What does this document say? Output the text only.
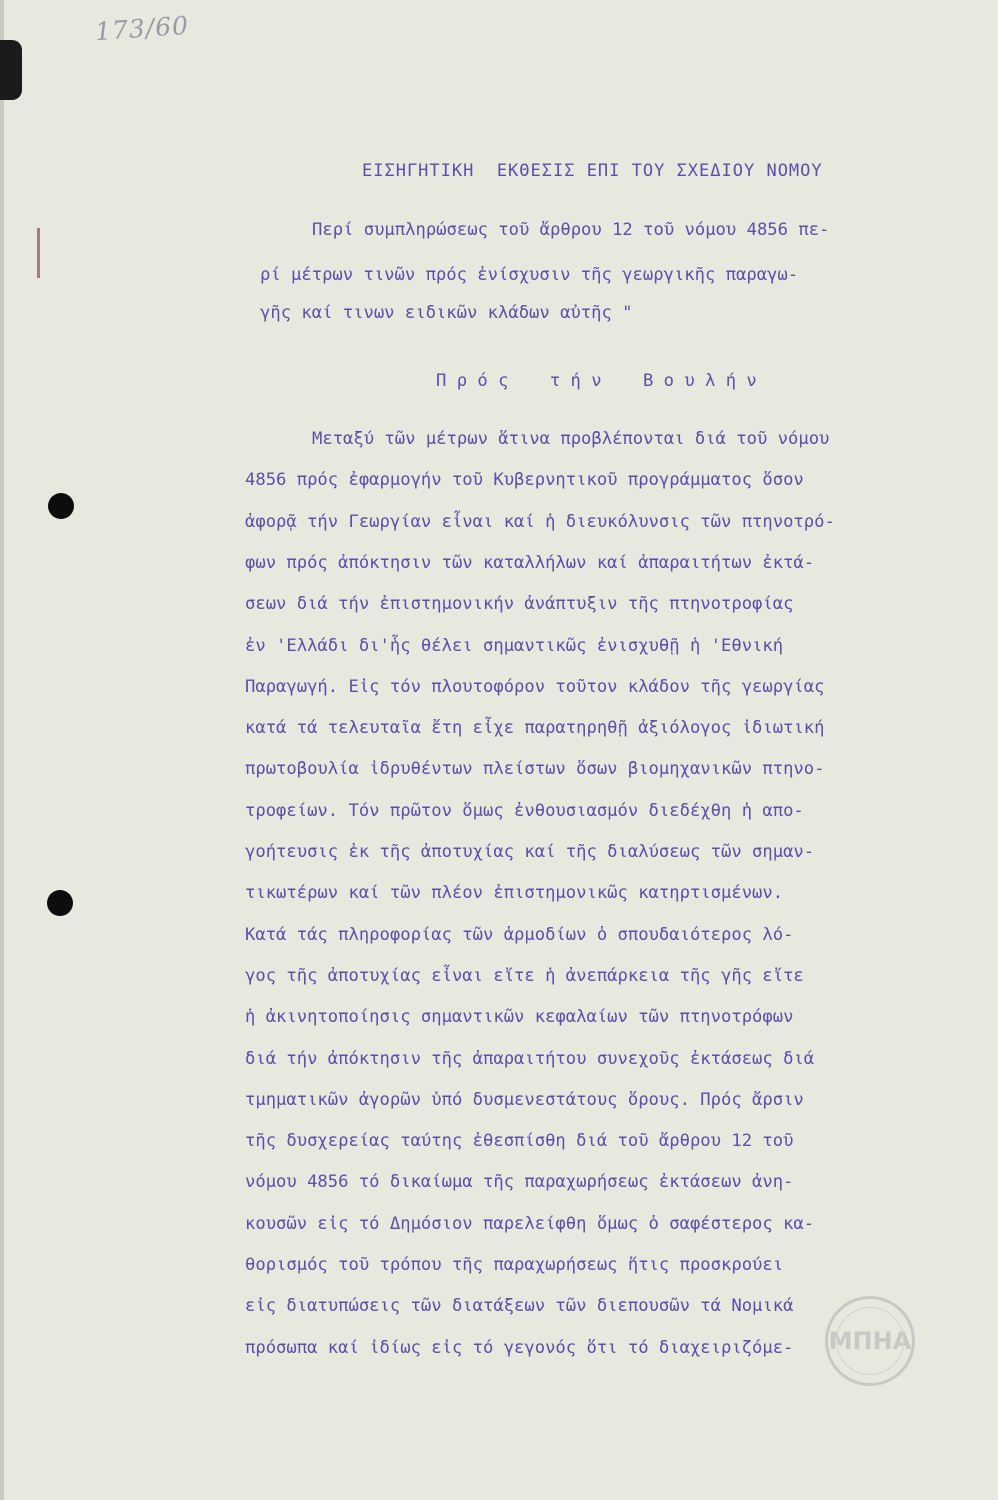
173/60
ΕΙΣΗΓΗΤΙΚΗ  ΕΚΘΕΣΙΣ ΕΠΙ ΤΟΥ ΣΧΕΔΙΟΥ ΝΟΜΟΥ
Περί συμπληρώσεως τοῦ ἄρθρου 12 τοῦ νόμου 4856 πε-
ρί μέτρων τινῶν πρός ἐνίσχυσιν τῆς γεωργικῆς παραγω-
γῆς καί τινων ειδικῶν κλάδων αὐτῆς "
Π ρ ό ς    τ ή ν    Β ο υ λ ή ν
Μεταξύ τῶν μέτρων ἅτινα προβλέπονται διά τοῦ νόμου
4856 πρός ἐφαρμογήν τοῦ Κυβερνητικοῦ προγράμματος ὅσον
ἀφορᾷ τήν Γεωργίαν εἶναι καί ἡ διευκόλυνσις τῶν πτηνοτρό-
φων πρός ἀπόκτησιν τῶν καταλλήλων καί ἀπαραιτήτων ἐκτά-
σεων διά τήν ἐπιστημονικήν ἀνάπτυξιν τῆς πτηνοτροφίας
ἐν 'Ελλάδι δι'ἧς θέλει σημαντικῶς ἐνισχυθῇ ἡ 'Εθνική
Παραγωγή. Εἰς τόν πλουτοφόρον τοῦτον κλάδον τῆς γεωργίας
κατά τά τελευταῖα ἔτη εἶχε παρατηρηθῇ ἀξιόλογος ἰδιωτική
πρωτοβουλία ἱδρυθέντων πλείστων ὅσων βιομηχανικῶν πτηνο-
τροφείων. Τόν πρῶτον ὅμως ἐνθουσιασμόν διεδέχθη ἡ απο-
γοήτευσις ἐκ τῆς ἀποτυχίας καί τῆς διαλύσεως τῶν σημαν-
τικωτέρων καί τῶν πλέον ἐπιστημονικῶς κατηρτισμένων.
Κατά τάς πληροφορίας τῶν ἁρμοδίων ὁ σπουδαιότερος λό-
γος τῆς ἀποτυχίας εἶναι εἴτε ἡ ἀνεπάρκεια τῆς γῆς εἴτε
ἡ ἀκινητοποίησις σημαντικῶν κεφαλαίων τῶν πτηνοτρόφων
διά τήν ἀπόκτησιν τῆς ἀπαραιτήτου συνεχοῦς ἐκτάσεως διά
τμηματικῶν ἀγορῶν ὑπό δυσμενεστάτους ὅρους. Πρός ἄρσιν
τῆς δυσχερείας ταύτης ἐθεσπίσθη διά τοῦ ἄρθρου 12 τοῦ
νόμου 4856 τό δικαίωμα τῆς παραχωρήσεως ἐκτάσεων ἀνη-
κουσῶν εἰς τό Δημόσιον παρελείφθη ὅμως ὁ σαφέστερος κα-
θορισμός τοῦ τρόπου τῆς παραχωρήσεως ἥτις προσκρούει
εἰς διατυπώσεις τῶν διατάξεων τῶν διεπουσῶν τά Νομικά
πρόσωπα καί ἰδίως εἰς τό γεγονός ὅτι τό διαχειριζόμε-	ΜΠΗΑ
